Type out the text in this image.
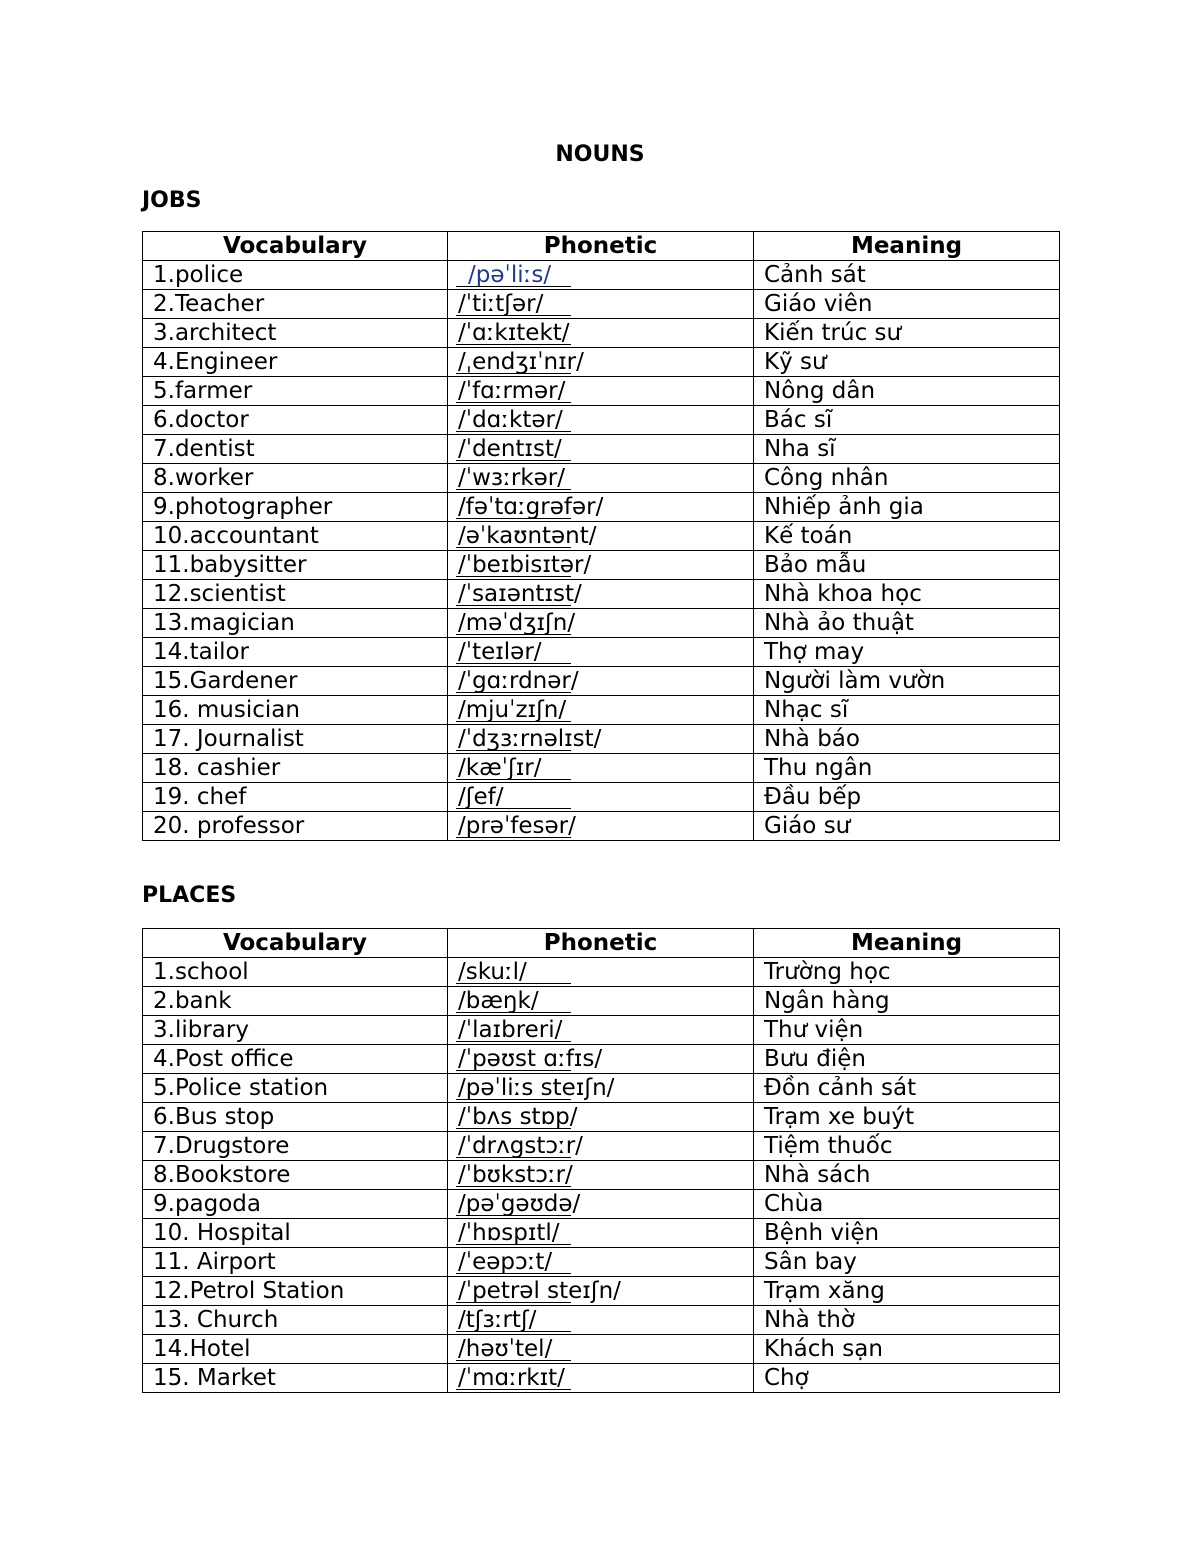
NOUNS
JOBS
Vocabulary	Phonetic	Meaning
1.police	/pəˈliːs/	Cảnh sát
2.Teacher	/ˈtiːtʃər/	Giáo viên
3.architect	/ˈɑːkɪtekt/	Kiến trúc sư
4.Engineer	/ˌendʒɪˈnɪr/	Kỹ sư
5.farmer	/ˈfɑːrmər/	Nông dân
6.doctor	/ˈdɑːktər/	Bác sĩ
7.dentist	/ˈdentɪst/	Nha sĩ
8.worker	/ˈwɜːrkər/	Công nhân
9.photographer	/fəˈtɑːgrəfər/	Nhiếp ảnh gia
10.accountant	/əˈkaʊntənt/	Kế toán
11.babysitter	/ˈbeɪbisɪtər/	Bảo mẫu
12.scientist	/ˈsaɪəntɪst/	Nhà khoa học
13.magician	/məˈdʒɪʃn/	Nhà ảo thuật
14.tailor	/ˈteɪlər/	Thợ may
15.Gardener	/ˈgɑːrdnər/	Người làm vườn
16. musician	/mjuˈzɪʃn/	Nhạc sĩ
17. Journalist	/ˈdʒɜːrnəlɪst/	Nhà báo
18. cashier	/kæˈʃɪr/	Thu ngân
19. chef	/ʃef/	Đầu bếp
20. professor	/prəˈfesər/	Giáo sư
PLACES
Vocabulary	Phonetic	Meaning
1.school	/skuːl/	Trường học
2.bank	/bæŋk/	Ngân hàng
3.library	/ˈlaɪbreri/	Thư viện
4.Post office	/ˈpəʊst ɑːfɪs/	Bưu điện
5.Police station	/pəˈliːs steɪʃn/	Đồn cảnh sát
6.Bus stop	/ˈbʌs stɒp/	Trạm xe buýt
7.Drugstore	/ˈdrʌgstɔːr/	Tiệm thuốc
8.Bookstore	/ˈbʊkstɔːr/	Nhà sách
9.pagoda	/pəˈgəʊdə/	Chùa
10. Hospital	/ˈhɒspɪtl/	Bệnh viện
11. Airport	/ˈeəpɔːt/	Sân bay
12.Petrol Station	/ˈpetrəl steɪʃn/	Trạm xăng
13. Church	/tʃɜːrtʃ/	Nhà thờ
14.Hotel	/həʊˈtel/	Khách sạn
15. Market	/ˈmɑːrkɪt/	Chợ
